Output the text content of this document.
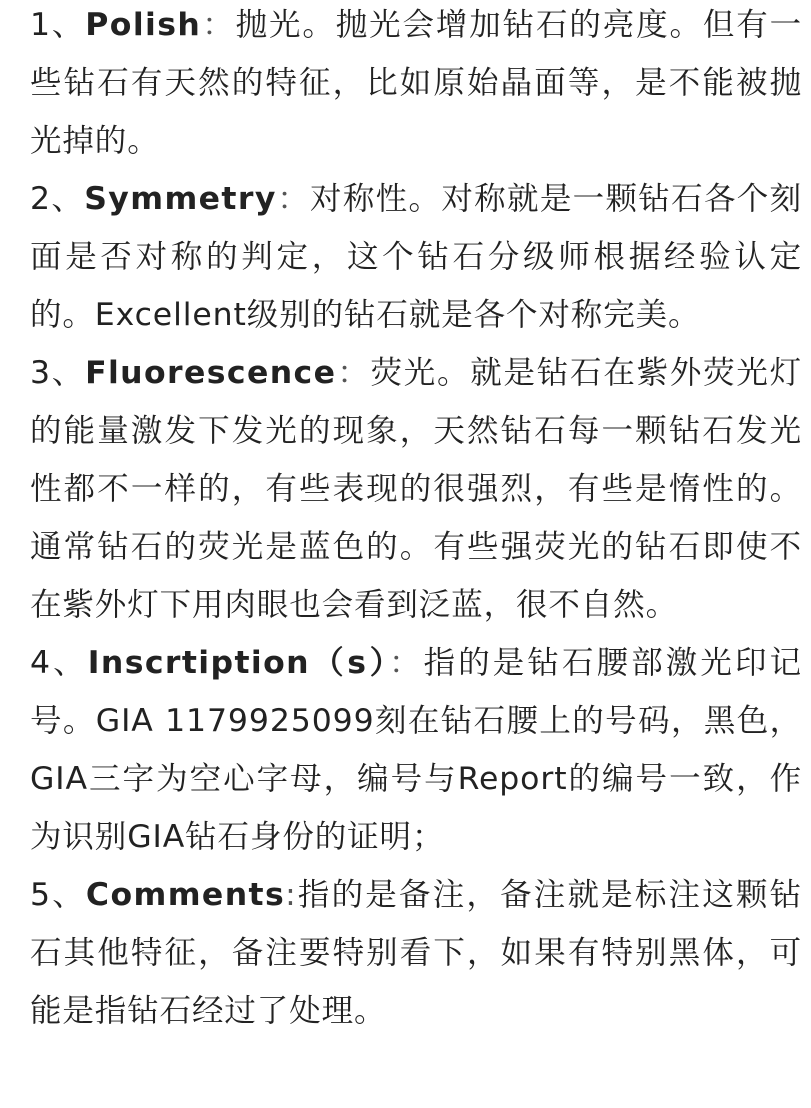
1、Polish：抛光。抛光会增加钻石的亮度。但有一些钻石有天然的特征，比如原始晶面等，是不能被抛光掉的。

2、Symmetry：对称性。对称就是一颗钻石各个刻面是否对称的判定，这个钻石分级师根据经验认定的。Excellent级别的钻石就是各个对称完美。

3、Fluorescence：荧光。就是钻石在紫外荧光灯的能量激发下发光的现象，天然钻石每一颗钻石发光性都不一样的，有些表现的很强烈，有些是惰性的。通常钻石的荧光是蓝色的。有些强荧光的钻石即使不在紫外灯下用肉眼也会看到泛蓝，很不自然。

4、Inscrtiption（s）：指的是钻石腰部激光印记号。GIA 1179925099刻在钻石腰上的号码，黑色，GIA三字为空心字母，编号与Report的编号一致，作为识别GIA钻石身份的证明；

5、Comments:指的是备注，备注就是标注这颗钻石其他特征，备注要特别看下，如果有特别黑体，可能是指钻石经过了处理。
